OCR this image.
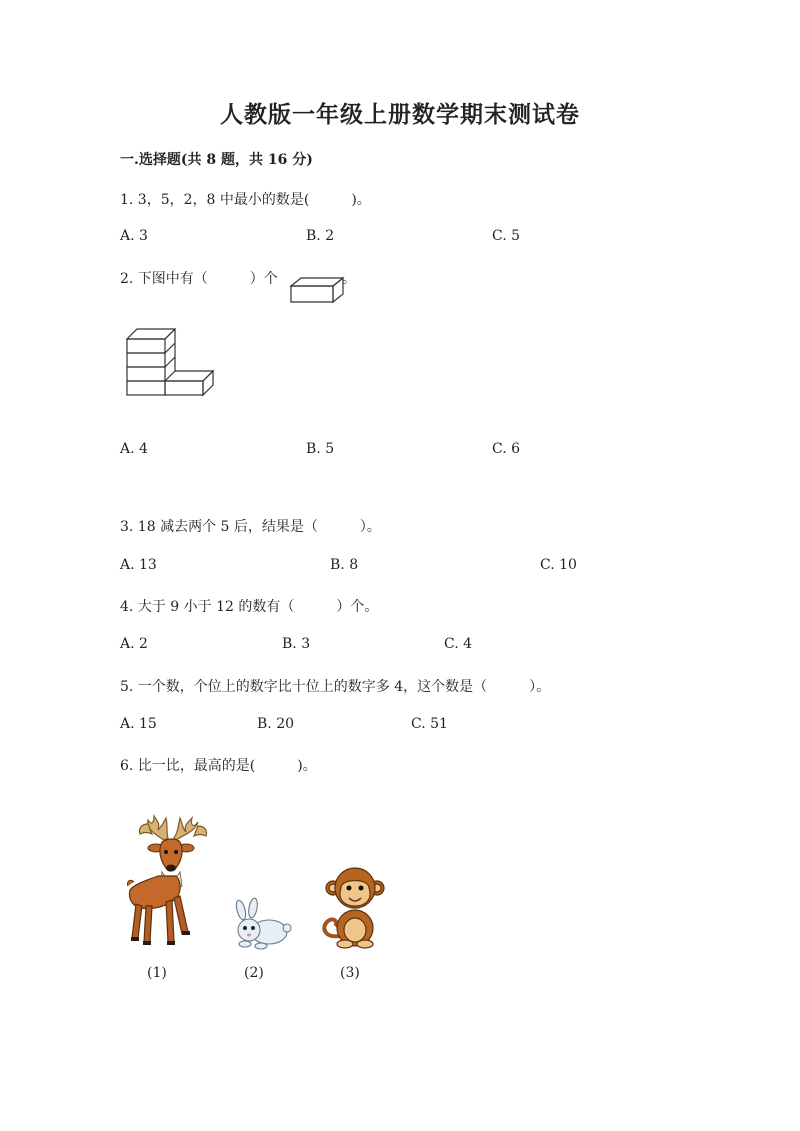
人教版一年级上册数学期末测试卷
一.选择题(共 8 题，共 16 分)
1. 3，5，2，8 中最小的数是(　　　)。
A. 3	B. 2	C. 5
2. 下图中有（　　　）个	。
A. 4	B. 5	C. 6
3. 18 减去两个 5 后，结果是（　　　）。
A. 13	B. 8	C. 10
4. 大于 9 小于 12 的数有（　　　）个。
A. 2	B. 3	C. 4
5. 一个数，个位上的数字比十位上的数字多 4，这个数是（　　　）。
A. 15	B. 20	C. 51
6. 比一比，最高的是(　　　)。
(1)	(2)	(3)
